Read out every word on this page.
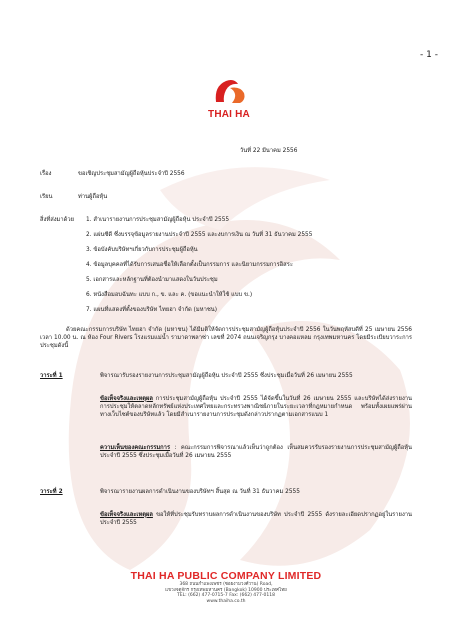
- 1 -
THAI HA
วันที่ 22 มีนาคม 2556
เรื่อง	ขอเชิญประชุมสามัญผู้ถือหุ้นประจำปี 2556
เรียน	ท่านผู้ถือหุ้น
สิ่งที่ส่งมาด้วย 1. สำเนารายงานการประชุมสามัญผู้ถือหุ้น ประจำปี 2555
2. แผ่นซีดี ซึ่งบรรจุข้อมูลรายงานประจำปี 2555 และงบการเงิน ณ วันที่ 31 ธันวาคม 2555
3. ข้อบังคับบริษัทฯเกี่ยวกับการประชุมผู้ถือหุ้น
4. ข้อมูลบุคคลที่ได้รับการเสนอชื่อให้เลือกตั้งเป็นกรรมการ และนิยามกรรมการอิสระ
5. เอกสารและหลักฐานที่ต้องนำมาแสดงในวันประชุม
6. หนังสือมอบฉันทะ แบบ ก., ข. และ ค. (ขอแนะนำให้ใช้ แบบ ข.)
7. แผนที่แสดงที่ตั้งของบริษัท ไทยฮา จำกัด (มหาชน)
ด้วยคณะกรรมการบริษัท ไทยฮา จำกัด (มหาชน) ได้มีมติให้จัดการประชุมสามัญผู้ถือหุ้นประจำปี 2556 ในวันพฤหัสบดีที่ 25 เมษายน 2556 เวลา 10.00 น. ณ ห้อง Four Rivers โรงแรมแม่น้ำ รามาดาพลาซ่า เลขที่ 2074 ถนนเจริญกรุง บางคอแหลม กรุงเทพมหานคร โดยมีระเบียบวาระการประชุมดังนี้
วาระที่ 1	พิจารณารับรองรายงานการประชุมสามัญผู้ถือหุ้น ประจำปี 2555 ซึ่งประชุมเมื่อวันที่ 26 เมษายน 2555
ข้อเท็จจริงและเหตุผล การประชุมสามัญผู้ถือหุ้น ประจำปี 2555 ได้จัดขึ้นในวันที่ 26 เมษายน 2555 และบริษัทได้ส่งรายงานการประชุมให้ตลาดหลักทรัพย์แห่งประเทศไทยและกระทรวงพาณิชย์ภายในระยะเวลาที่กฎหมายกำหนด พร้อมทั้งเผยแพร่ผ่านทางเว็บไซต์ของบริษัทแล้ว โดยมีสำเนารายงานการประชุมดังกล่าวปรากฏตามเอกสารแนบ 1
ความเห็นของคณะกรรมการ : คณะกรรมการพิจารณาแล้วเห็นว่าถูกต้อง เห็นสมควรรับรองรายงานการประชุมสามัญผู้ถือหุ้น ประจำปี 2555 ซึ่งประชุมเมื่อวันที่ 26 เมษายน 2555
วาระที่ 2	พิจารณารายงานผลการดำเนินงานของบริษัทฯ สิ้นสุด ณ วันที่ 31 ธันวาคม 2555
ข้อเท็จจริงและเหตุผล ขอให้ที่ประชุมรับทราบผลการดำเนินงานของบริษัท ประจำปี 2555 ดังรายละเอียดปรากฏอยู่ในรายงานประจำปี 2555
THAI HA PUBLIC COMPANY LIMITED
368 ถนนกำแพงเพชร (ซอยงามวงศ์วาน) Road,
แขวงจตุจักร กรุงเทพมหานคร (Bangkok) 10900 ประเทศไทย
TEL: (662) 477-0715-7 Fax: (662) 477-0118
www.thaiha.co.th
